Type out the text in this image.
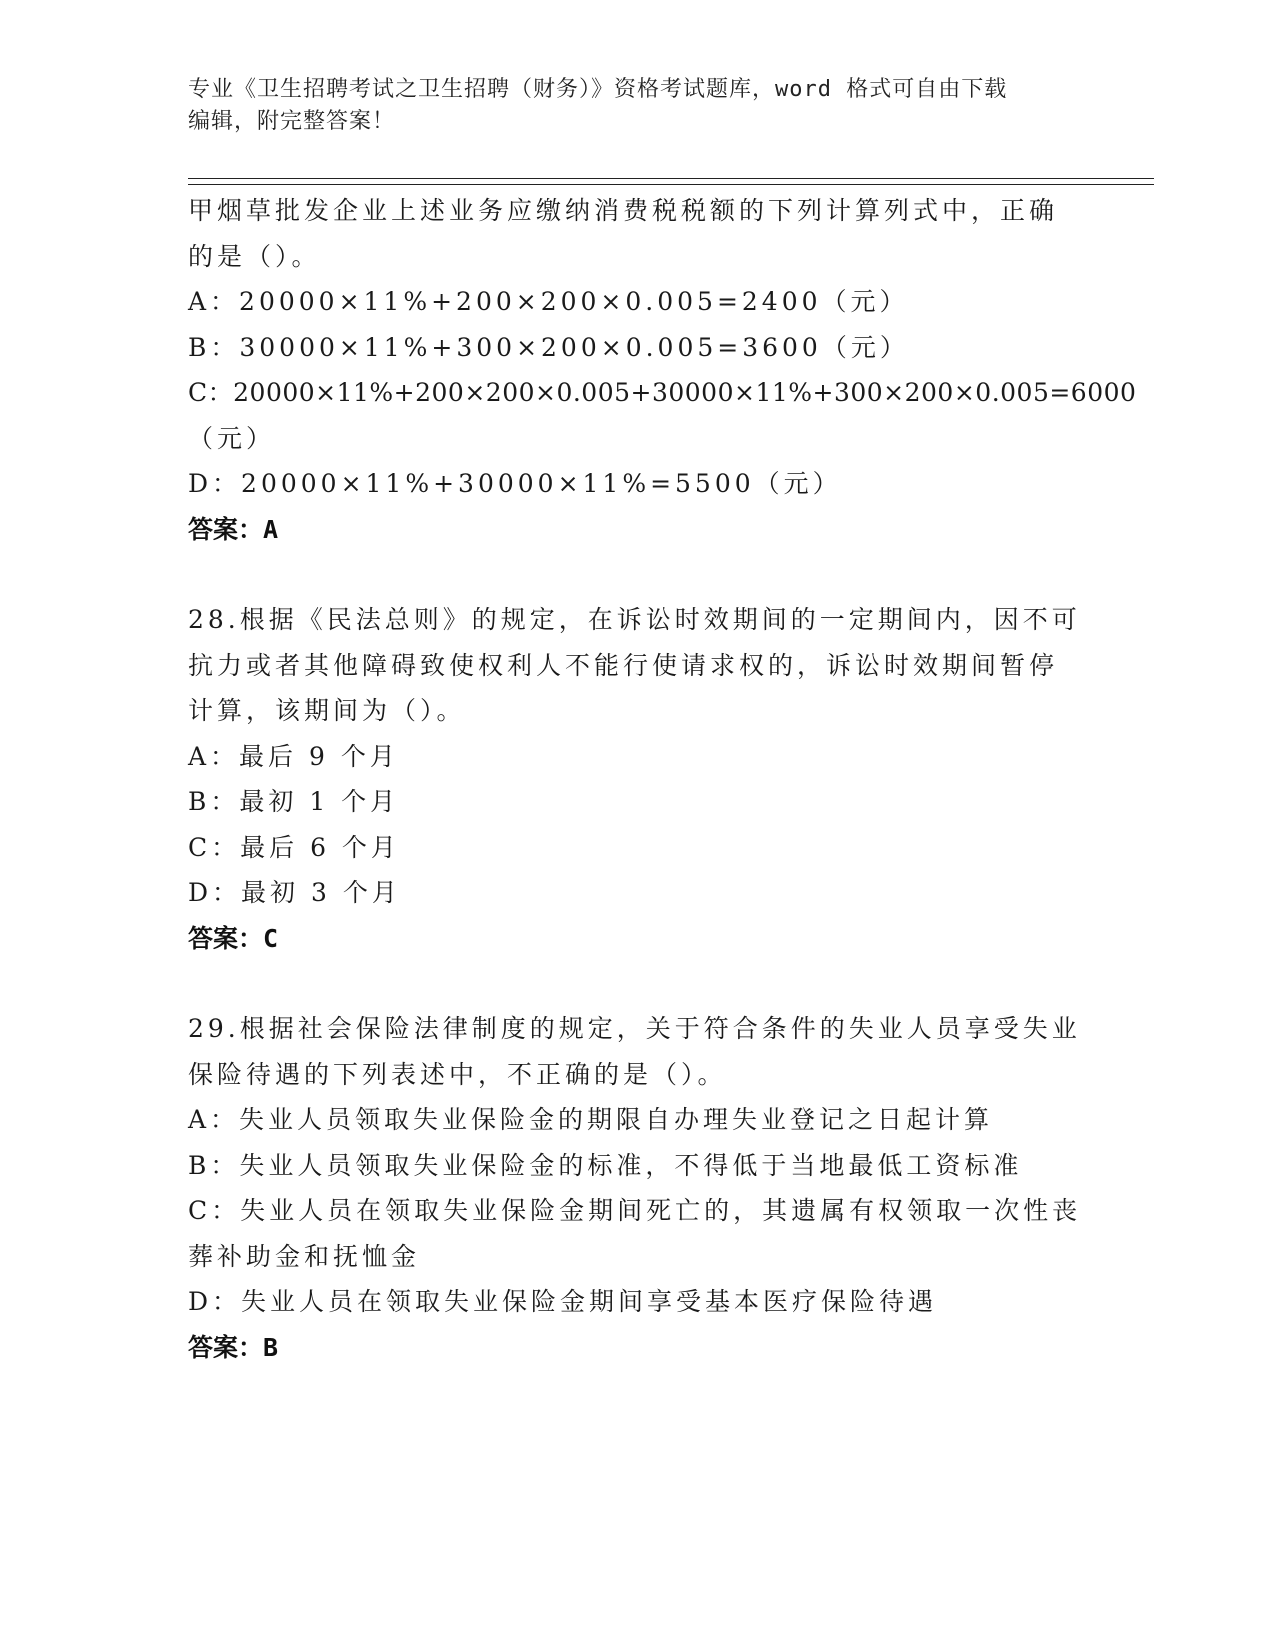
专业《卫生招聘考试之卫生招聘（财务）》资格考试题库，word 格式可自由下载
编辑，附完整答案！
甲烟草批发企业上述业务应缴纳消费税税额的下列计算列式中，正确
的是（）。
A：20000×11%+200×200×0.005=2400（元）
B：30000×11%+300×200×0.005=3600（元）
C：20000×11%+200×200×0.005+30000×11%+300×200×0.005=6000
（元）
D：20000×11%+30000×11%=5500（元）
答案：A
28.根据《民法总则》的规定，在诉讼时效期间的一定期间内，因不可
抗力或者其他障碍致使权利人不能行使请求权的，诉讼时效期间暂停
计算，该期间为（）。
A：最后 9 个月
B：最初 1 个月
C：最后 6 个月
D：最初 3 个月
答案：C
29.根据社会保险法律制度的规定，关于符合条件的失业人员享受失业
保险待遇的下列表述中，不正确的是（）。
A：失业人员领取失业保险金的期限自办理失业登记之日起计算
B：失业人员领取失业保险金的标准，不得低于当地最低工资标准
C：失业人员在领取失业保险金期间死亡的，其遗属有权领取一次性丧
葬补助金和抚恤金
D：失业人员在领取失业保险金期间享受基本医疗保险待遇
答案：B
